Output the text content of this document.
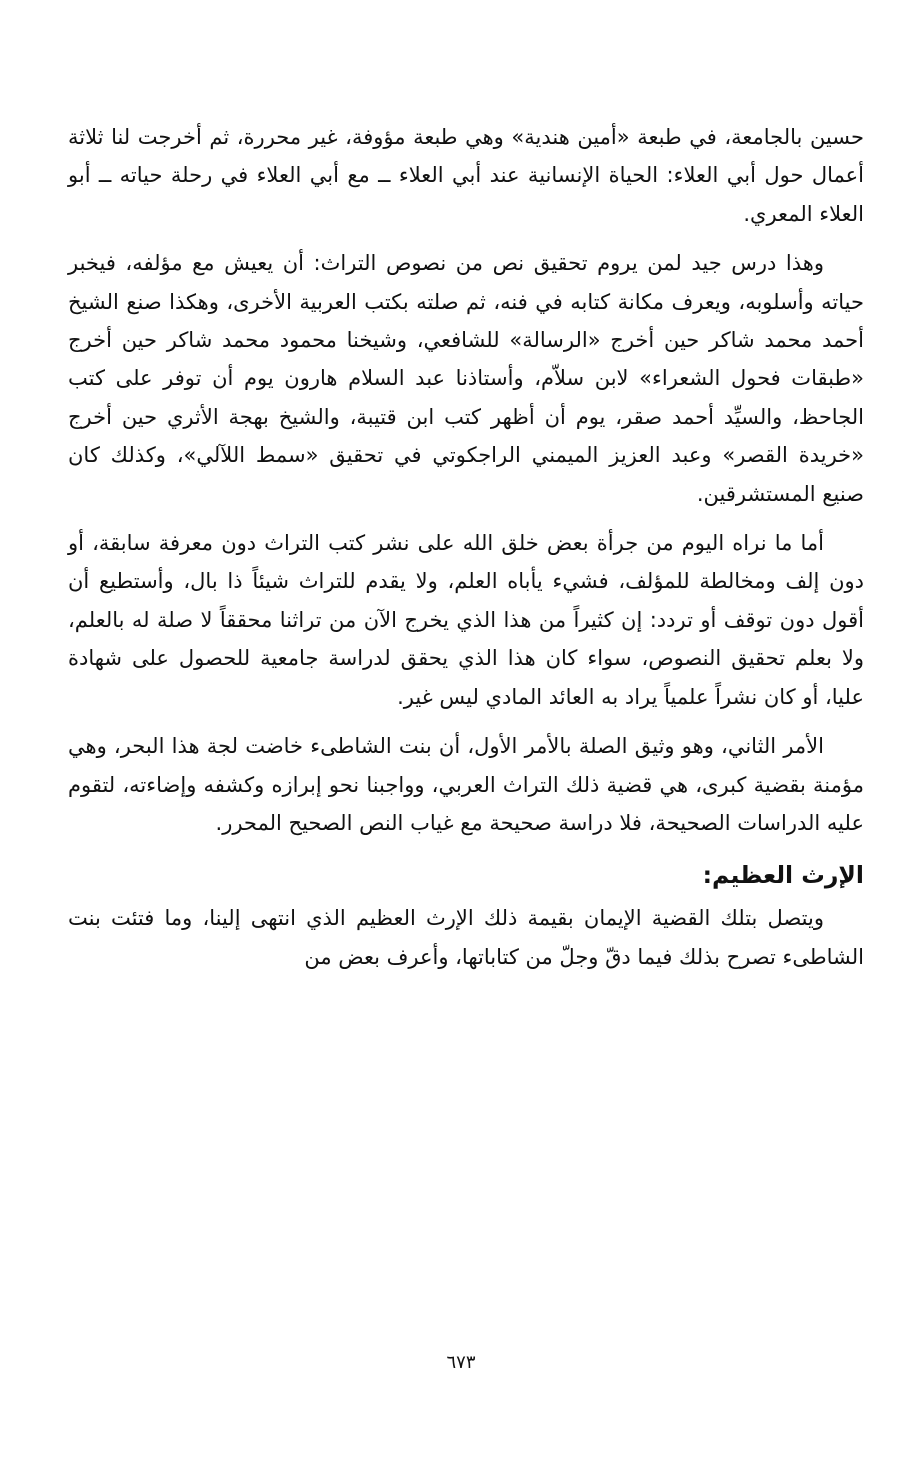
حسين بالجامعة، في طبعة «أمين هندية» وهي طبعة مؤوفة، غير محررة، ثم أخرجت لنا ثلاثة أعمال حول أبي العلاء: الحياة الإنسانية عند أبي العلاء ــ مع أبي العلاء في رحلة حياته ــ أبو العلاء المعري.

وهذا درس جيد لمن يروم تحقيق نص من نصوص التراث: أن يعيش مع مؤلفه، فيخبر حياته وأسلوبه، ويعرف مكانة كتابه في فنه، ثم صلته بكتب العربية الأخرى، وهكذا صنع الشيخ أحمد محمد شاكر حين أخرج «الرسالة» للشافعي، وشيخنا محمود محمد شاكر حين أخرج «طبقات فحول الشعراء» لابن سلاّم، وأستاذنا عبد السلام هارون يوم أن توفر على كتب الجاحظ، والسيِّد أحمد صقر، يوم أن أظهر كتب ابن قتيبة، والشيخ بهجة الأثري حين أخرج «خريدة القصر» وعبد العزيز الميمني الراجكوتي في تحقيق «سمط اللآلي»، وكذلك كان صنيع المستشرقين.

أما ما نراه اليوم من جرأة بعض خلق الله على نشر كتب التراث دون معرفة سابقة، أو دون إلف ومخالطة للمؤلف، فشيء يأباه العلم، ولا يقدم للتراث شيئاً ذا بال، وأستطيع أن أقول دون توقف أو تردد: إن كثيراً من هذا الذي يخرج الآن من تراثنا محققاً لا صلة له بالعلم، ولا بعلم تحقيق النصوص، سواء كان هذا الذي يحقق لدراسة جامعية للحصول على شهادة عليا، أو كان نشراً علمياً يراد به العائد المادي ليس غير.

الأمر الثاني، وهو وثيق الصلة بالأمر الأول، أن بنت الشاطىء خاضت لجة هذا البحر، وهي مؤمنة بقضية كبرى، هي قضية ذلك التراث العربي، وواجبنا نحو إبرازه وكشفه وإضاءته، لتقوم عليه الدراسات الصحيحة، فلا دراسة صحيحة مع غياب النص الصحيح المحرر.

الإرث العظيم:

ويتصل بتلك القضية الإيمان بقيمة ذلك الإرث العظيم الذي انتهى إلينا، وما فتئت بنت الشاطىء تصرح بذلك فيما دقّ وجلّ من كتاباتها، وأعرف بعض من

٦٧٣
